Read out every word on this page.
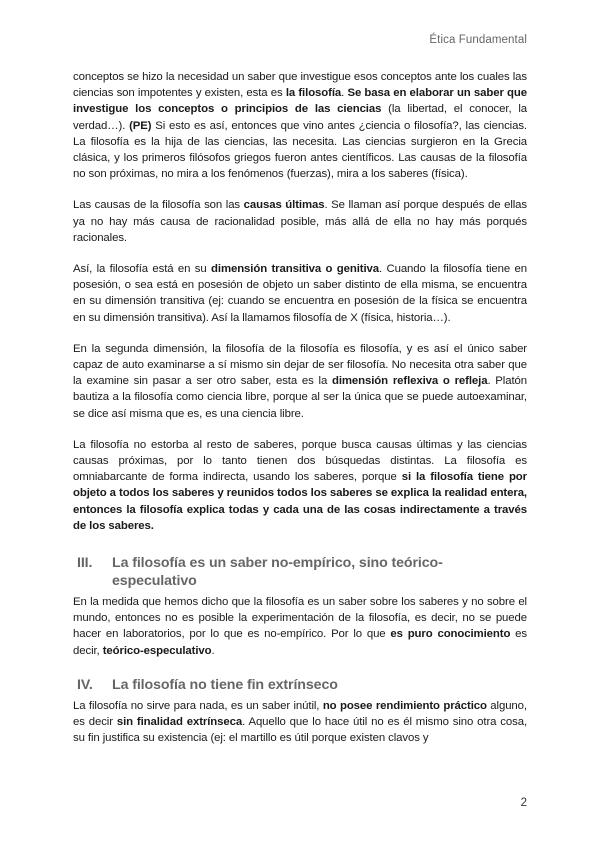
Ética Fundamental

conceptos se hizo la necesidad un saber que investigue esos conceptos ante los cuales las ciencias son impotentes y existen, esta es la filosofía. Se basa en elaborar un saber que investigue los conceptos o principios de las ciencias (la libertad, el conocer, la verdad…). (PE) Si esto es así, entonces que vino antes ¿ciencia o filosofía?, las ciencias. La filosofía es la hija de las ciencias, las necesita. Las ciencias surgieron en la Grecia clásica, y los primeros filósofos griegos fueron antes científicos. Las causas de la filosofía no son próximas, no mira a los fenómenos (fuerzas), mira a los saberes (física).

Las causas de la filosofía son las causas últimas. Se llaman así porque después de ellas ya no hay más causa de racionalidad posible, más allá de ella no hay más porqués racionales.

Así, la filosofía está en su dimensión transitiva o genitiva. Cuando la filosofía tiene en posesión, o sea está en posesión de objeto un saber distinto de ella misma, se encuentra en su dimensión transitiva (ej: cuando se encuentra en posesión de la física se encuentra en su dimensión transitiva). Así la llamamos filosofía de X (física, historia…).

En la segunda dimensión, la filosofía de la filosofía es filosofía, y es así el único saber capaz de auto examinarse a sí mismo sin dejar de ser filosofía. No necesita otra saber que la examine sin pasar a ser otro saber, esta es la dimensión reflexiva o refleja. Platón bautiza a la filosofía como ciencia libre, porque al ser la única que se puede autoexaminar, se dice así misma que es, es una ciencia libre.

La filosofía no estorba al resto de saberes, porque busca causas últimas y las ciencias causas próximas, por lo tanto tienen dos búsquedas distintas. La filosofía es omniabarcante de forma indirecta, usando los saberes, porque si la filosofía tiene por objeto a todos los saberes y reunidos todos los saberes se explica la realidad entera, entonces la filosofía explica todas y cada una de las cosas indirectamente a través de los saberes.

III.	La filosofía es un saber no-empírico, sino teórico-especulativo

En la medida que hemos dicho que la filosofía es un saber sobre los saberes y no sobre el mundo, entonces no es posible la experimentación de la filosofía, es decir, no se puede hacer en laboratorios, por lo que es no-empírico. Por lo que es puro conocimiento es decir, teórico-especulativo.

IV.	La filosofía no tiene fin extrínseco

La filosofía no sirve para nada, es un saber inútil, no posee rendimiento práctico alguno, es decir sin finalidad extrínseca. Aquello que lo hace útil no es él mismo sino otra cosa, su fin justifica su existencia (ej: el martillo es útil porque existen clavos y

2
